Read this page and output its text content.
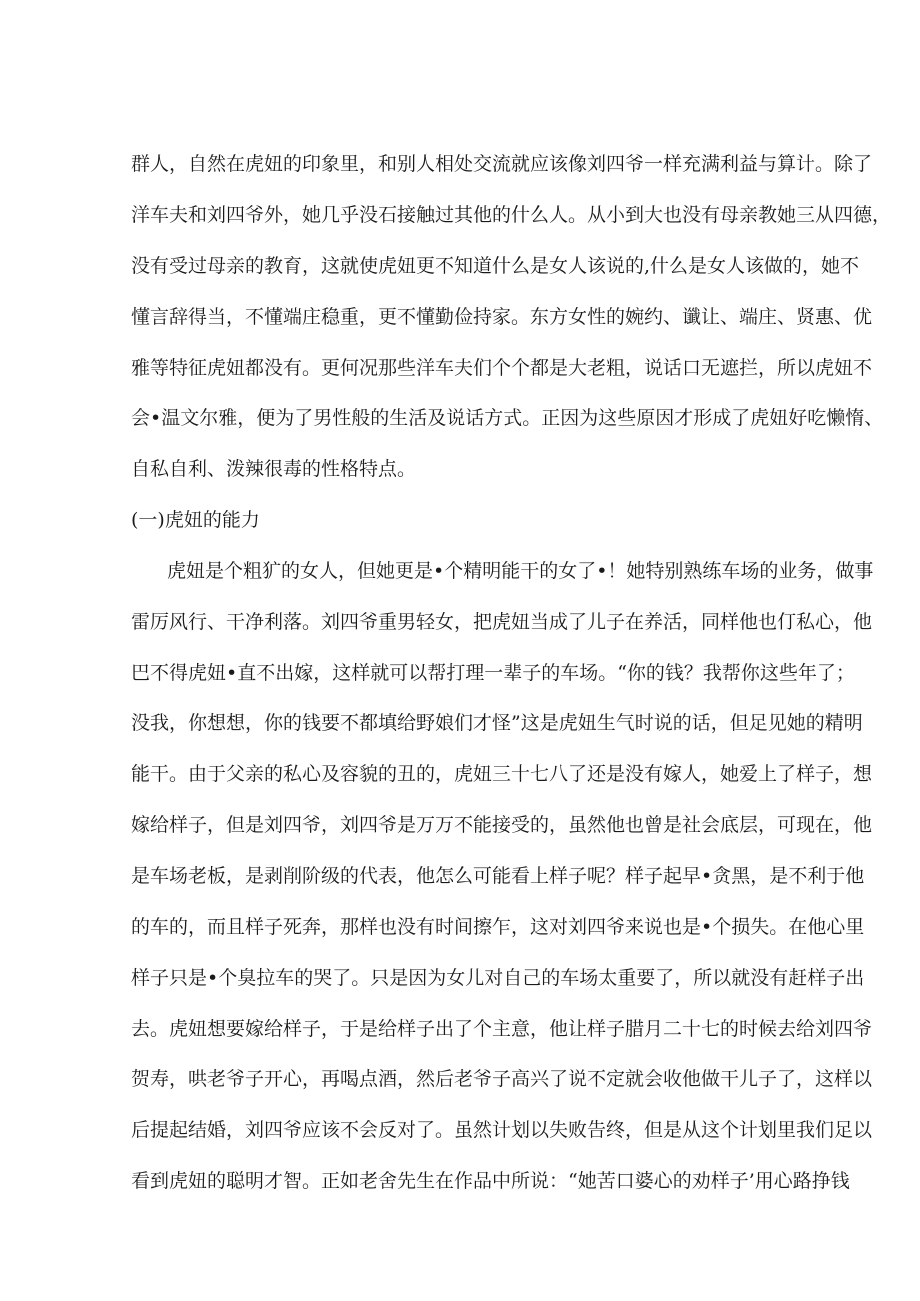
群人，自然在虎妞的印象里，和别人相处交流就应该像刘四爷一样充满利益与算计。除了
洋车夫和刘四爷外，她几乎没石接触过其他的什么人。从小到大也没有母亲教她三从四德，
没有受过母亲的教育，这就使虎妞更不知道什么是女人该说的,什么是女人该做的，她不
懂言辞得当，不懂端庄稳重，更不懂勤俭持家。东方女性的婉约、谶让、端庄、贤惠、优
雅等特征虎妞都没有。更何况那些洋车夫们个个都是大老粗，说话口无遮拦，所以虎妞不
会•温文尔雅，便为了男性般的生活及说话方式。正因为这些原因才形成了虎妞好吃懒惰、
自私自利、泼辣很毒的性格特点。
(一)虎妞的能力
虎妞是个粗犷的女人，但她更是•个精明能干的女了•！她特别熟练车场的业务，做事
雷厉风行、干净利落。刘四爷重男轻女，把虎妞当成了儿子在养活，同样他也仃私心，他
巴不得虎妞•直不出嫁，这样就可以帮打理一辈子的车场。“你的钱？我帮你这些年了；
没我，你想想，你的钱要不都填给野娘们才怪”这是虎妞生气时说的话，但足见她的精明
能干。由于父亲的私心及容貌的丑的，虎妞三十七八了还是没有嫁人，她爱上了样子，想
嫁给样子，但是刘四爷，刘四爷是万万不能接受的，虽然他也曾是社会底层，可现在，他
是车场老板，是剥削阶级的代表，他怎么可能看上样子呢？样子起早•贪黑，是不利于他
的车的，而且样子死奔，那样也没有时间擦乍，这对刘四爷来说也是•个损失。在他心里
样子只是•个臭拉车的哭了。只是因为女儿对自己的车场太重要了，所以就没有赶样子出
去。虎妞想要嫁给样子，于是给样子出了个主意，他让样子腊月二十七的时候去给刘四爷
贺寿，哄老爷子开心，再喝点酒，然后老爷子高兴了说不定就会收他做干儿子了，这样以
后提起结婚，刘四爷应该不会反对了。虽然计划以失败告终，但是从这个计划里我们足以
看到虎妞的聪明才智。正如老舍先生在作品中所说：“她苦口婆心的劝样子’用心路挣钱
